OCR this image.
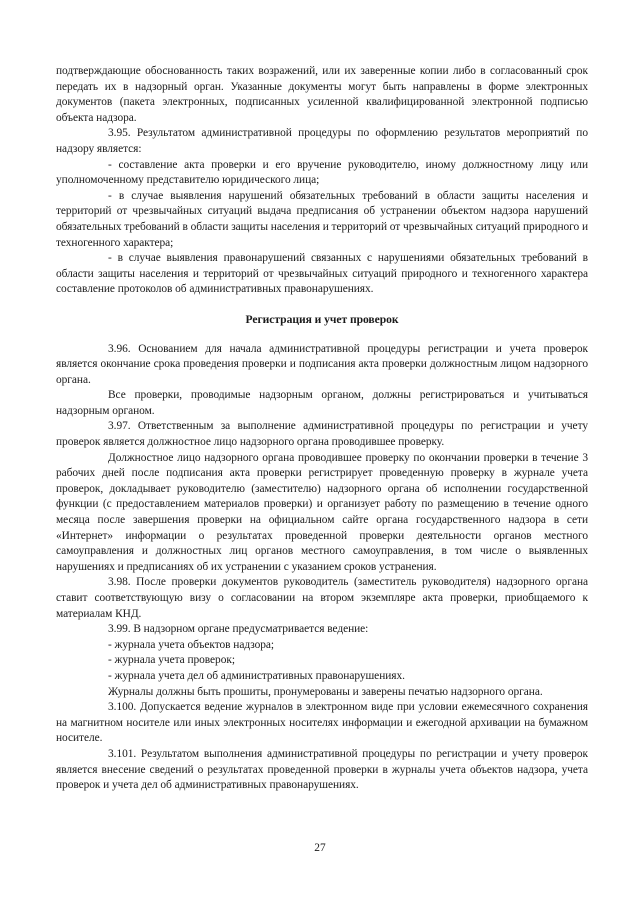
подтверждающие обоснованность таких возражений, или их заверенные копии либо в согласованный срок передать их в надзорный орган. Указанные документы могут быть направлены в форме электронных документов (пакета электронных, подписанных усиленной квалифицированной электронной подписью объекта надзора.

3.95. Результатом административной процедуры по оформлению результатов мероприятий по надзору является:

- составление акта проверки и его вручение руководителю, иному должностному лицу или уполномоченному представителю юридического лица;

- в случае выявления нарушений обязательных требований в области защиты населения и территорий от чрезвычайных ситуаций выдача предписания об устранении объектом надзора нарушений обязательных требований в области защиты населения и территорий от чрезвычайных ситуаций природного и техногенного характера;

- в случае выявления правонарушений связанных с нарушениями обязательных требований в области защиты населения и территорий от чрезвычайных ситуаций природного и техногенного характера составление протоколов об административных правонарушениях.

Регистрация и учет проверок

3.96. Основанием для начала административной процедуры регистрации и учета проверок является окончание срока проведения проверки и подписания акта проверки должностным лицом надзорного органа.

Все проверки, проводимые надзорным органом, должны регистрироваться и учитываться надзорным органом.

3.97. Ответственным за выполнение административной процедуры по регистрации и учету проверок является должностное лицо надзорного органа проводившее проверку.

Должностное лицо надзорного органа проводившее проверку по окончании проверки в течение 3 рабочих дней после подписания акта проверки регистрирует проведенную проверку в журнале учета проверок, докладывает руководителю (заместителю) надзорного органа об исполнении государственной функции (с предоставлением материалов проверки) и организует работу по размещению в течение одного месяца после завершения проверки на официальном сайте органа государственного надзора в сети «Интернет» информации о результатах проведенной проверки деятельности органов местного самоуправления и должностных лиц органов местного самоуправления, в том числе о выявленных нарушениях и предписаниях об их устранении с указанием сроков устранения.

3.98. После проверки документов руководитель (заместитель руководителя) надзорного органа ставит соответствующую визу о согласовании на втором экземпляре акта проверки, приобщаемого к материалам КНД.

3.99. В надзорном органе предусматривается ведение:

- журнала учета объектов надзора;

- журнала учета проверок;

- журнала учета дел об административных правонарушениях.

Журналы должны быть прошиты, пронумерованы и заверены печатью надзорного органа.

3.100. Допускается ведение журналов в электронном виде при условии ежемесячного сохранения на магнитном носителе или иных электронных носителях информации и ежегодной архивации на бумажном носителе.

3.101. Результатом выполнения административной процедуры по регистрации и учету проверок является внесение сведений о результатах проведенной проверки в журналы учета объектов надзора, учета проверок и учета дел об административных правонарушениях.

27
